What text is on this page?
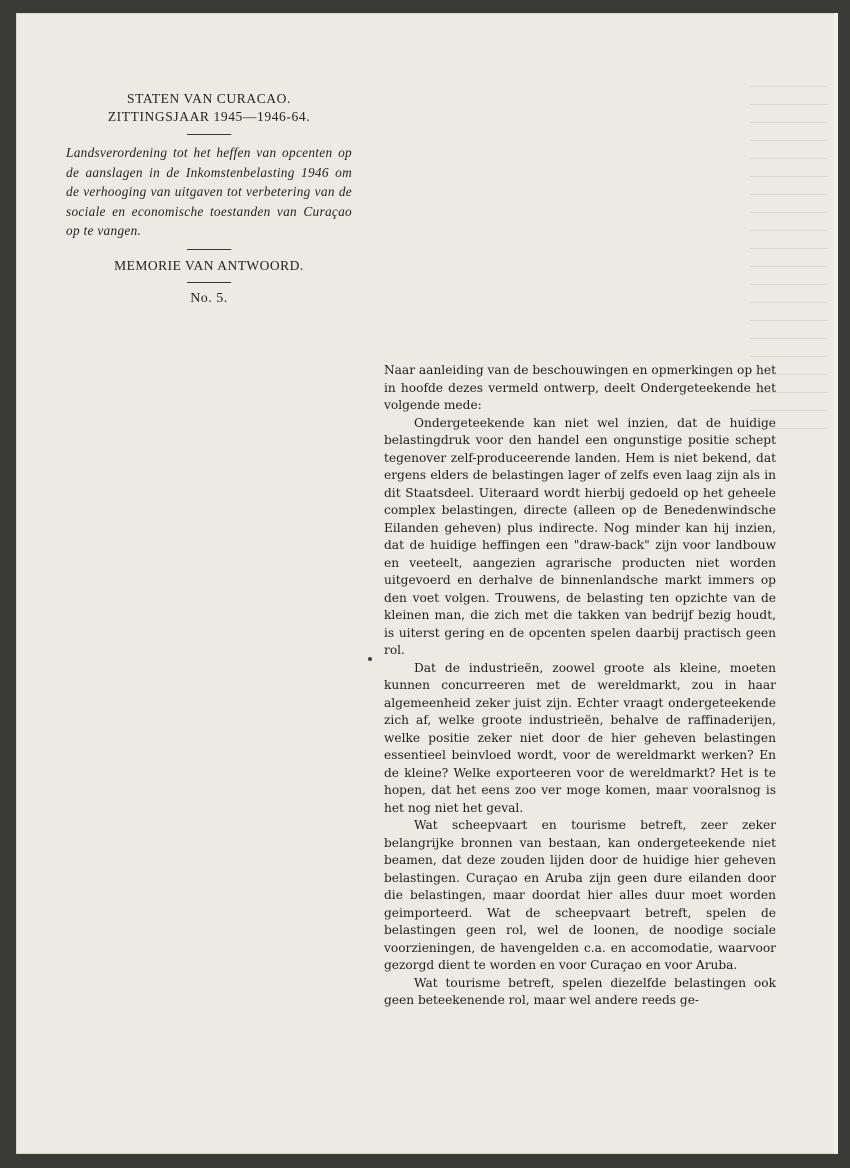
STATEN VAN CURACAO.
ZITTINGSJAAR 1945—1946-64.
Landsverordening tot het heffen van opcenten op de aanslagen in de Inkomstenbelasting 1946 om de verhooging van uitgaven tot verbetering van de sociale en economische toestanden van Curaçao op te vangen.
MEMORIE VAN ANTWOORD.
No. 5.

Naar aanleiding van de beschouwingen en opmerkingen op het in hoofde dezes vermeld ontwerp, deelt Ondergeteekende het volgende mede:

Ondergeteekende kan niet wel inzien, dat de huidige belastingdruk voor den handel een ongunstige positie schept tegenover zelf-produceerende landen. Hem is niet bekend, dat ergens elders de belastingen lager of zelfs even laag zijn als in dit Staatsdeel. Uiteraard wordt hierbij gedoeld op het geheele complex belastingen, directe (alleen op de Benedenwindsche Eilanden geheven) plus indirecte. Nog minder kan hij inzien, dat de huidige heffingen een "draw-back" zijn voor landbouw en veeteelt, aangezien agrarische producten niet worden uitgevoerd en derhalve de binnenlandsche markt immers op den voet volgen. Trouwens, de belasting ten opzichte van de kleinen man, die zich met die takken van bedrijf bezig houdt, is uiterst gering en de opcenten spelen daarbij practisch geen rol.

Dat de industrieën, zoowel groote als kleine, moeten kunnen concurreeren met de wereldmarkt, zou in haar algemeenheid zeker juist zijn. Echter vraagt ondergeteekende zich af, welke groote industrieën, behalve de raffinaderijen, welke positie zeker niet door de hier geheven belastingen essentieel beinvloed wordt, voor de wereldmarkt werken? En de kleine? Welke exporteeren voor de wereldmarkt? Het is te hopen, dat het eens zoo ver moge komen, maar vooralsnog is het nog niet het geval.

Wat scheepvaart en tourisme betreft, zeer zeker belangrijke bronnen van bestaan, kan ondergeteekende niet beamen, dat deze zouden lijden door de huidige hier geheven belastingen. Curaçao en Aruba zijn geen dure eilanden door die belastingen, maar doordat hier alles duur moet worden geimporteerd. Wat de scheepvaart betreft, spelen de belastingen geen rol, wel de loonen, de noodige sociale voorzieningen, de havengelden c.a. en accomodatie, waarvoor gezorgd dient te worden en voor Curaçao en voor Aruba.

Wat tourisme betreft, spelen diezelfde belastingen ook geen beteekenende rol, maar wel andere reeds ge-
